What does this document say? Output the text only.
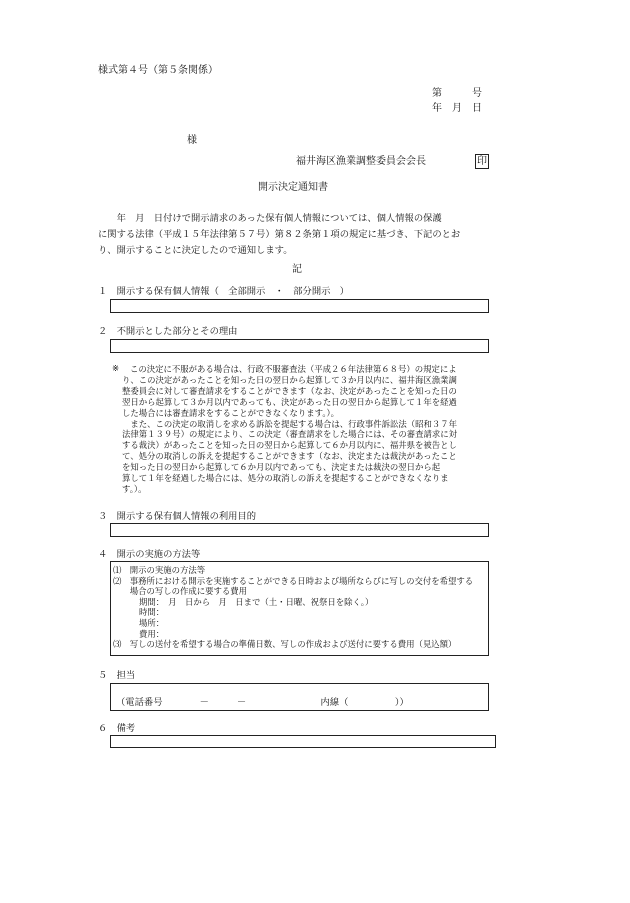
様式第４号（第５条関係）
第　　　号
年　月　日
様
福井海区漁業調整委員会会長	印
開示決定通知書
　　年　月　日付けで開示請求のあった保有個人情報については、個人情報の保護
に関する法律（平成１５年法律第５７号）第８２条第１項の規定に基づき、下記のとお
り、開示することに決定したので通知します。
記
１　開示する保有個人情報（　全部開示　・　部分開示　）
２　不開示とした部分とその理由
※	この決定に不服がある場合は、行政不服審査法（平成２６年法律第６８号）の規定によ
り、この決定があったことを知った日の翌日から起算して３か月以内に、福井海区漁業調
整委員会に対して審査請求をすることができます（なお、決定があったことを知った日の
翌日から起算して３か月以内であっても、決定があった日の翌日から起算して１年を経過
した場合には審査請求をすることができなくなります。）。
　また、この決定の取消しを求める訴訟を提起する場合は、行政事件訴訟法（昭和３７年
法律第１３９号）の規定により、この決定（審査請求をした場合には、その審査請求に対
する裁決）があったことを知った日の翌日から起算して６か月以内に、福井県を被告とし
て、処分の取消しの訴えを提起することができます（なお、決定または裁決があったこと
を知った日の翌日から起算して６か月以内であっても、決定または裁決の翌日から起
算して１年を経過した場合には、処分の取消しの訴えを提起することができなくなりま
す。）。
３　開示する保有個人情報の利用目的
４　開示の実施の方法等
⑴　開示の実施の方法等
⑵　事務所における開示を実施することができる日時および場所ならびに写しの交付を希望する
　　場合の写しの作成に要する費用
期間：　月　日から　月　日まで（土・日曜、祝祭日を除く。）
時間：
場所：
費用：
⑶　写しの送付を希望する場合の準備日数、写しの作成および送付に要する費用（見込額）
５　担当
（電話番号　　　　－　　　－　　　　　　　　内線（　　　　　））
６　備考
